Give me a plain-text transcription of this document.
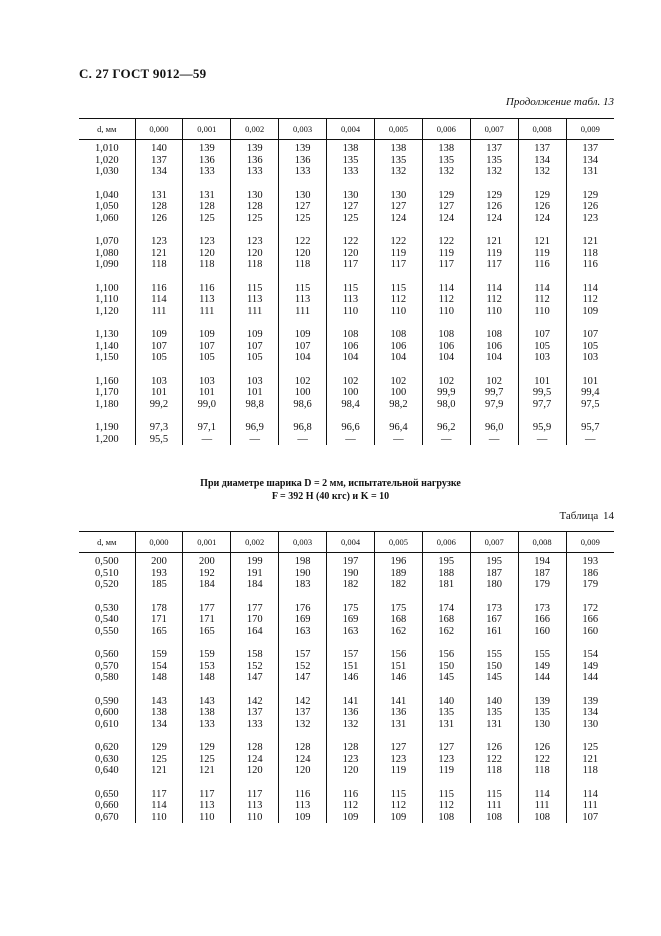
С. 27 ГОСТ 9012—59
Продолжение табл. 13
d, мм	0,000	0,001	0,002	0,003	0,004	0,005	0,006	0,007	0,008	0,009
1,010	140	139	139	139	138	138	138	137	137	137
1,020	137	136	136	136	135	135	135	135	134	134
1,030	134	133	133	133	133	132	132	132	132	131
1,040	131	131	130	130	130	130	129	129	129	129
1,050	128	128	128	127	127	127	127	126	126	126
1,060	126	125	125	125	125	124	124	124	124	123
1,070	123	123	123	122	122	122	122	121	121	121
1,080	121	120	120	120	120	119	119	119	119	118
1,090	118	118	118	118	117	117	117	117	116	116
1,100	116	116	115	115	115	115	114	114	114	114
1,110	114	113	113	113	113	112	112	112	112	112
1,120	111	111	111	111	110	110	110	110	110	109
1,130	109	109	109	109	108	108	108	108	107	107
1,140	107	107	107	107	106	106	106	106	105	105
1,150	105	105	105	104	104	104	104	104	103	103
1,160	103	103	103	102	102	102	102	102	101	101
1,170	101	101	101	100	100	100	99,9	99,7	99,5	99,4
1,180	99,2	99,0	98,8	98,6	98,4	98,2	98,0	97,9	97,7	97,5
1,190	97,3	97,1	96,9	96,8	96,6	96,4	96,2	96,0	95,9	95,7
1,200	95,5	—	—	—	—	—	—	—	—	—
При диаметре шарика D = 2 мм, испытательной нагрузке
F = 392 Н (40 кгс) и K = 10
Таблица 14
d, мм	0,000	0,001	0,002	0,003	0,004	0,005	0,006	0,007	0,008	0,009
0,500	200	200	199	198	197	196	195	195	194	193
0,510	193	192	191	190	190	189	188	187	187	186
0,520	185	184	184	183	182	182	181	180	179	179
0,530	178	177	177	176	175	175	174	173	173	172
0,540	171	171	170	169	169	168	168	167	166	166
0,550	165	165	164	163	163	162	162	161	160	160
0,560	159	159	158	157	157	156	156	155	155	154
0,570	154	153	152	152	151	151	150	150	149	149
0,580	148	148	147	147	146	146	145	145	144	144
0,590	143	143	142	142	141	141	140	140	139	139
0,600	138	138	137	137	136	136	135	135	135	134
0,610	134	133	133	132	132	131	131	131	130	130
0,620	129	129	128	128	128	127	127	126	126	125
0,630	125	125	124	124	123	123	123	122	122	121
0,640	121	121	120	120	120	119	119	118	118	118
0,650	117	117	117	116	116	115	115	115	114	114
0,660	114	113	113	113	112	112	112	111	111	111
0,670	110	110	110	109	109	109	108	108	108	107
